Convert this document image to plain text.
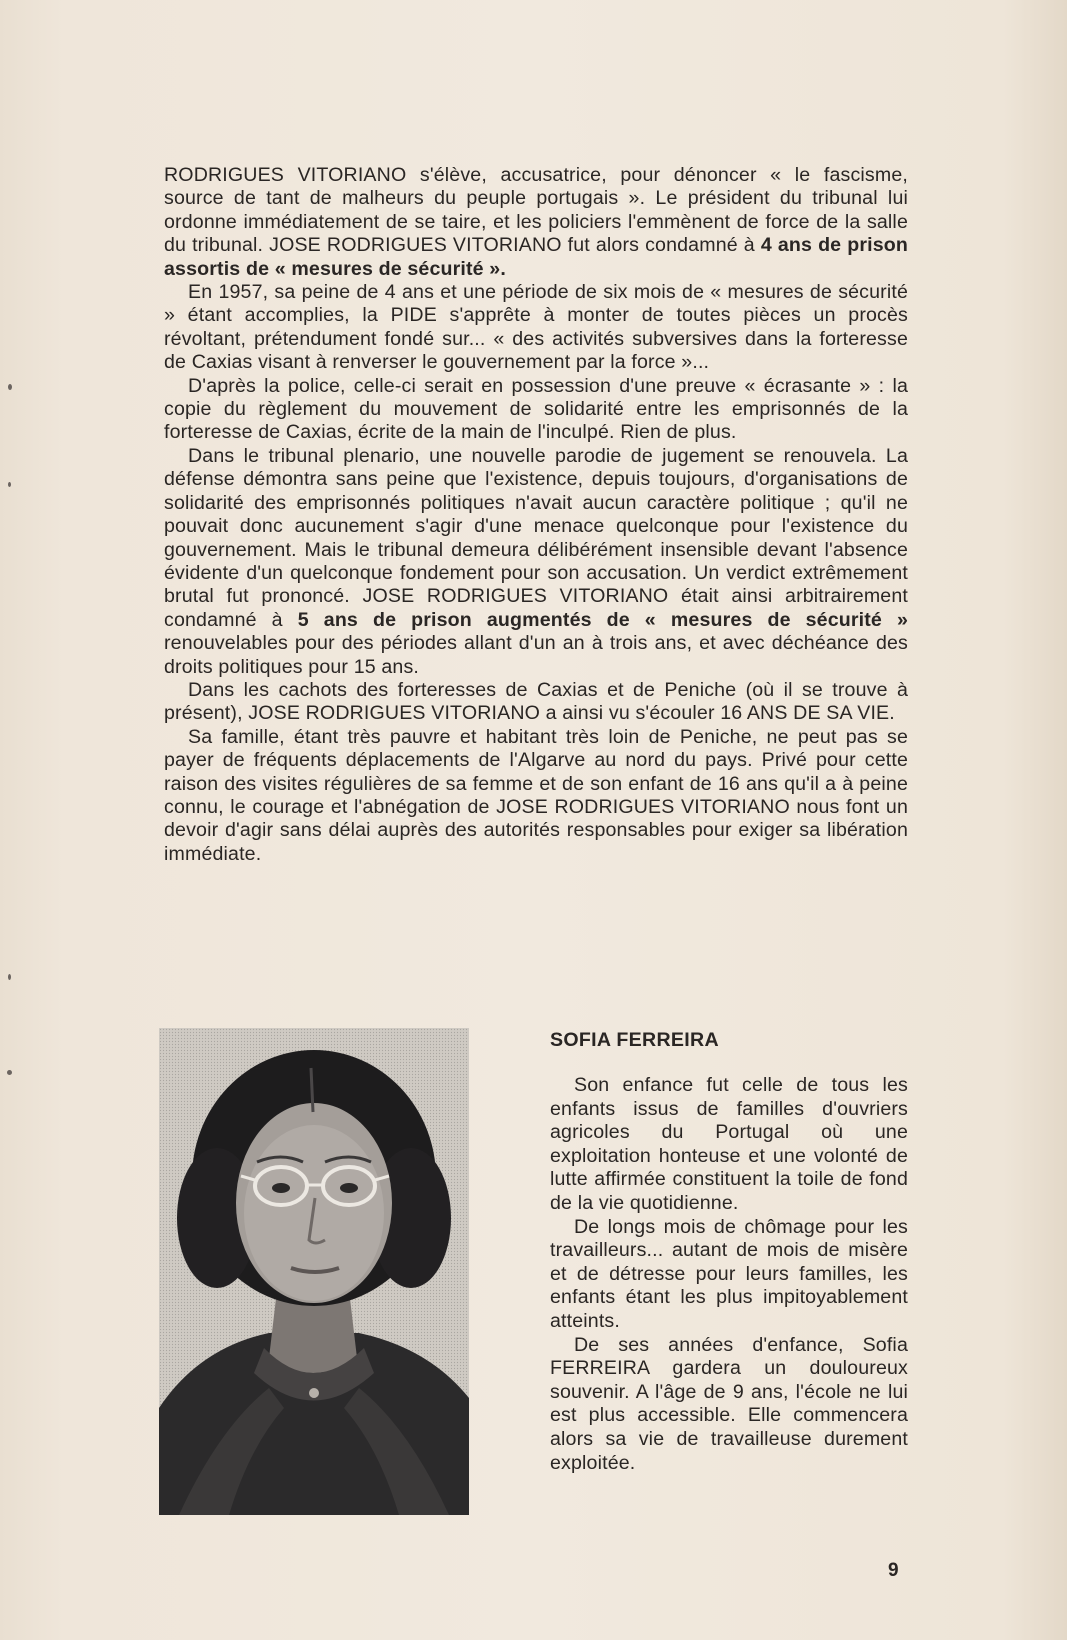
RODRIGUES VITORIANO s'élève, accusatrice, pour dénoncer « le fascisme, source de tant de malheurs du peuple portugais ». Le président du tribunal lui ordonne immédiatement de se taire, et les policiers l'emmènent de force de la salle du tribunal. JOSE RODRIGUES VITORIANO fut alors condamné à 4 ans de prison assortis de « mesures de sécurité ».

En 1957, sa peine de 4 ans et une période de six mois de « mesures de sécurité » étant accomplies, la PIDE s'apprête à monter de toutes pièces un procès révoltant, prétendument fondé sur... « des activités subversives dans la forteresse de Caxias visant à renverser le gouvernement par la force »...

D'après la police, celle-ci serait en possession d'une preuve « écrasante » : la copie du règlement du mouvement de solidarité entre les emprisonnés de la forteresse de Caxias, écrite de la main de l'inculpé. Rien de plus.

Dans le tribunal plenario, une nouvelle parodie de jugement se renouvela. La défense démontra sans peine que l'existence, depuis toujours, d'organisations de solidarité des emprisonnés politiques n'avait aucun caractère politique ; qu'il ne pouvait donc aucunement s'agir d'une menace quelconque pour l'existence du gouvernement. Mais le tribunal demeura délibérément insensible devant l'absence évidente d'un quelconque fondement pour son accusation. Un verdict extrêmement brutal fut prononcé. JOSE RODRIGUES VITORIANO était ainsi arbitrairement condamné à 5 ans de prison augmentés de « mesures de sécurité » renouvelables pour des périodes allant d'un an à trois ans, et avec déchéance des droits politiques pour 15 ans.

Dans les cachots des forteresses de Caxias et de Peniche (où il se trouve à présent), JOSE RODRIGUES VITORIANO a ainsi vu s'écouler 16 ANS DE SA VIE.

Sa famille, étant très pauvre et habitant très loin de Peniche, ne peut pas se payer de fréquents déplacements de l'Algarve au nord du pays. Privé pour cette raison des visites régulières de sa femme et de son enfant de 16 ans qu'il a à peine connu, le courage et l'abnégation de JOSE RODRIGUES VITORIANO nous font un devoir d'agir sans délai auprès des autorités responsables pour exiger sa libération immédiate.

SOFIA FERREIRA

Son enfance fut celle de tous les enfants issus de familles d'ouvriers agricoles du Portugal où une exploitation honteuse et une volonté de lutte affirmée constituent la toile de fond de la vie quotidienne.

De longs mois de chômage pour les travailleurs... autant de mois de misère et de détresse pour leurs familles, les enfants étant les plus impitoyablement atteints.

De ses années d'enfance, Sofia FERREIRA gardera un douloureux souvenir. A l'âge de 9 ans, l'école ne lui est plus accessible. Elle commencera alors sa vie de travailleuse durement exploitée.

9
